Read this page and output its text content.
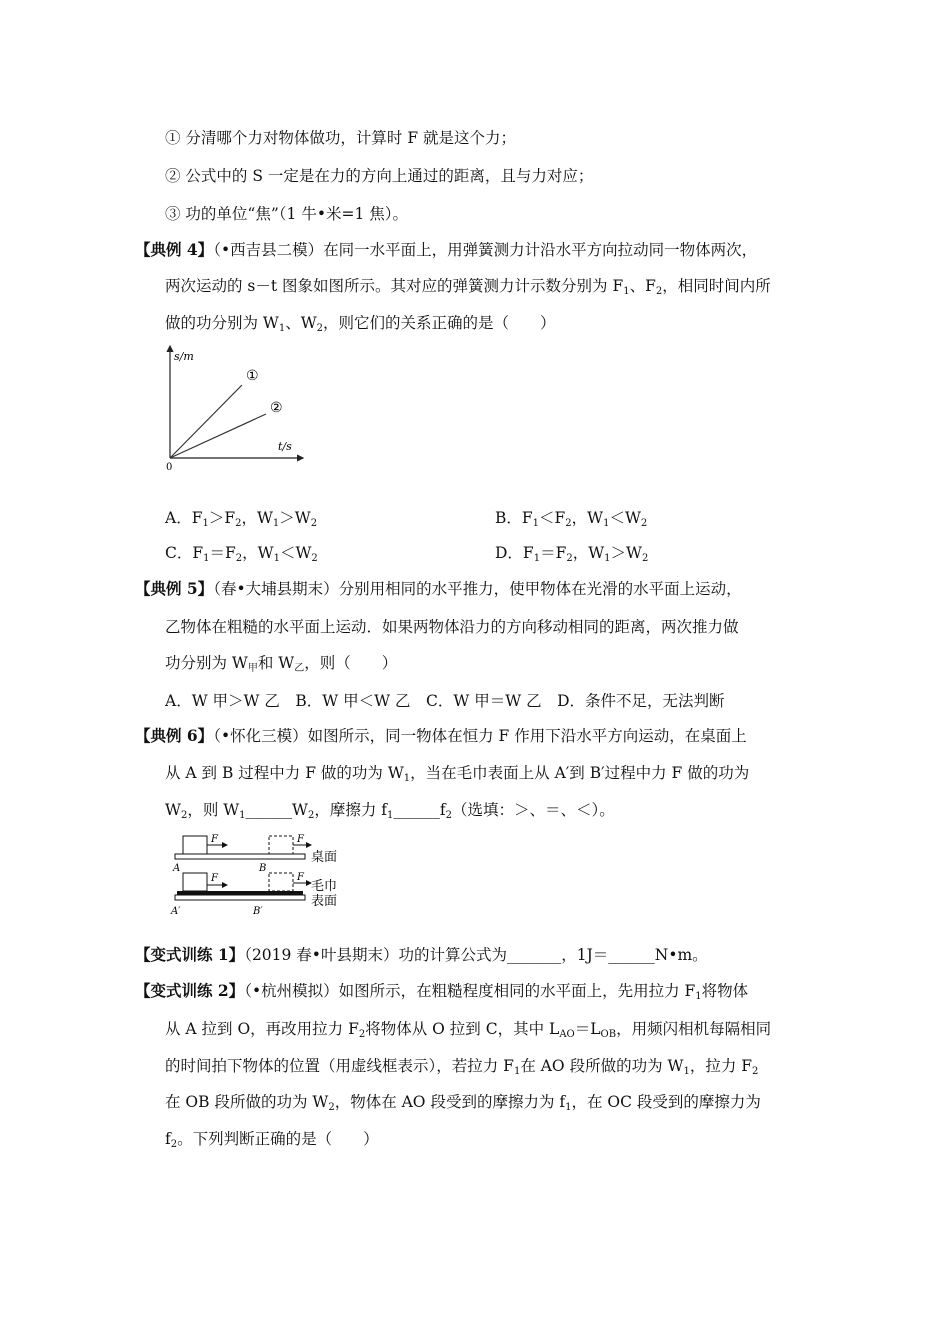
① 分清哪个力对物体做功，计算时 F 就是这个力；
② 公式中的 S 一定是在力的方向上通过的距离，且与力对应；
③ 功的单位“焦”（1 牛•米=1 焦）。
【典例 4】（•西吉县二模）在同一水平面上，用弹簧测力计沿水平方向拉动同一物体两次，
两次运动的 s－t 图象如图所示。其对应的弹簧测力计示数分别为 $F_1$、$F_2$，相同时间内所
做的功分别为 $W_1$、$W_2$，则它们的关系正确的是（　　）
s/m
t/s
0
①
②
A．$F_1>F_2$，$W_1>W_2$	B．$F_1<F_2$，$W_1<W_2$
C．$F_1=F_2$，$W_1<W_2$	D．$F_1=F_2$，$W_1>W_2$
【典例 5】（春•大埔县期末）分别用相同的水平推力，使甲物体在光滑的水平面上运动，
乙物体在粗糙的水平面上运动．如果两物体沿力的方向移动相同的距离，两次推力做
功分别为 $W_甲$和 $W_乙$，则（　　）
A．W 甲＞W 乙　B．W 甲＜W 乙　C．W 甲＝W 乙　D．条件不足，无法判断
【典例 6】（•怀化三模）如图所示，同一物体在恒力 F 作用下沿水平方向运动，在桌面上
从 A 到 B 过程中力 F 做的功为 $W_1$，当在毛巾表面上从 A′到 B′过程中力 F 做的功为
$W_2$，则 $W_1\_\_\_\_\_\_W_2$，摩擦力 $f_1\_\_\_\_\_\_f_2$（选填：＞、＝、＜）。
F	F
A	B
桌面
F	F
A′	B′
毛巾
表面
【变式训练 1】（2019 春•叶县期末）功的计算公式为_______，1J＝______N•m。
【变式训练 2】（•杭州模拟）如图所示，在粗糙程度相同的水平面上，先用拉力 $F_1$将物体
从 A 拉到 O，再改用拉力 $F_2$将物体从 O 拉到 C，其中 $L_{AO}=L_{OB}$，用频闪相机每隔相同
的时间拍下物体的位置（用虚线框表示），若拉力 $F_1$在 AO 段所做的功为 $W_1$，拉力 $F_2$
在 OB 段所做的功为 $W_2$，物体在 AO 段受到的摩擦力为 $f_1$，在 OC 段受到的摩擦力为
$f_2$。下列判断正确的是（　　）
